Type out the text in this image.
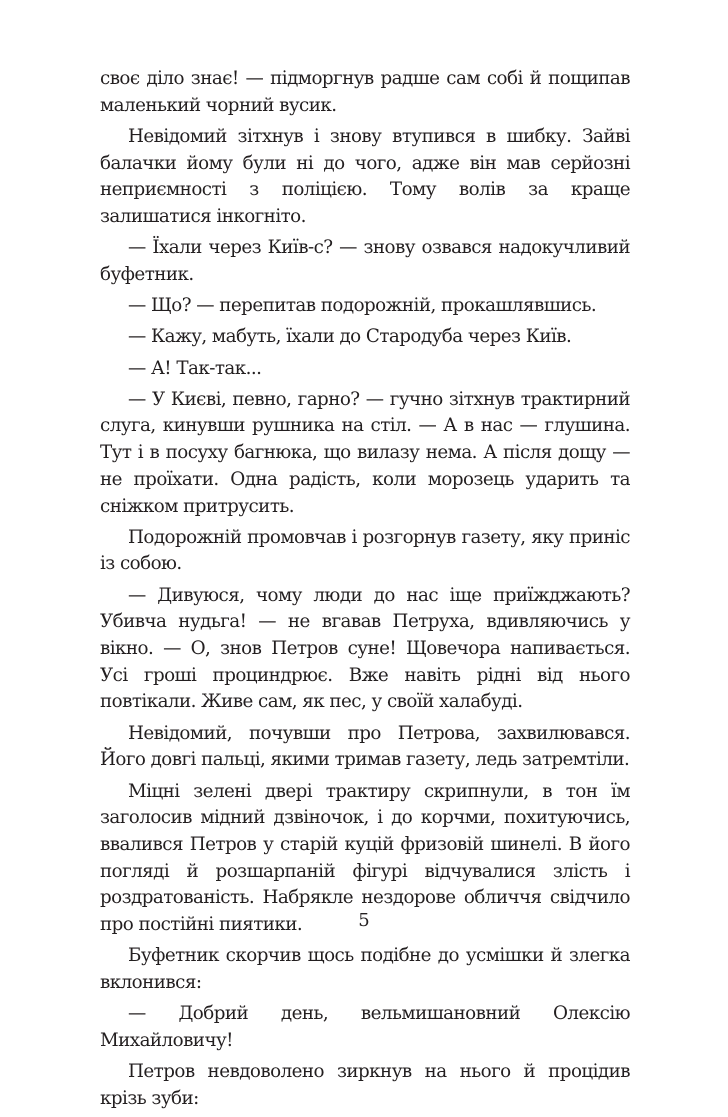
своє діло знає! — підморгнув радше сам собі й пощипав маленький чорний вусик.

Невідомий зітхнув і знову втупився в шибку. Зайві балачки йому були ні до чого, адже він мав серйозні неприємності з поліцією. Тому волів за краще залишатися інкогніто.

— Їхали через Київ-с? — знову озвався надокучливий буфетник.

— Що? — перепитав подорожній, прокашлявшись.

— Кажу, мабуть, їхали до Стародуба через Київ.

— А! Так-так...

— У Києві, певно, гарно? — гучно зітхнув трактирний слуга, кинувши рушника на стіл. — А в нас — глушина. Тут і в посуху багнюка, що вилазу нема. А після дощу — не проїхати. Одна радість, коли морозець ударить та сніжком притрусить.

Подорожній промовчав і розгорнув газету, яку приніс із собою.

— Дивуюся, чому люди до нас іще приїжджають? Убивча нудьга! — не вгавав Петруха, вдивляючись у вікно. — О, знов Петров суне! Щовечора напивається. Усі гроші проциндрює. Вже навіть рідні від нього повтікали. Живе сам, як пес, у своїй халабуді.

Невідомий, почувши про Петрова, захвилювався. Його довгі пальці, якими тримав газету, ледь затремтіли.

Міцні зелені двері трактиру скрипнули, в тон їм заголосив мідний дзвіночок, і до корчми, похитуючись, ввалився Петров у старій куцій фризовій шинелі. В його погляді й розшарпаній фігурі відчувалися злість і роздратованість. Набрякле нездорове обличчя свідчило про постійні пиятики.

Буфетник скорчив щось подібне до усмішки й злегка вклонився:

— Добрий день, вельмишановний Олексію Михайловичу!

Петров невдоволено зиркнув на нього й процідив крізь зуби:

5
